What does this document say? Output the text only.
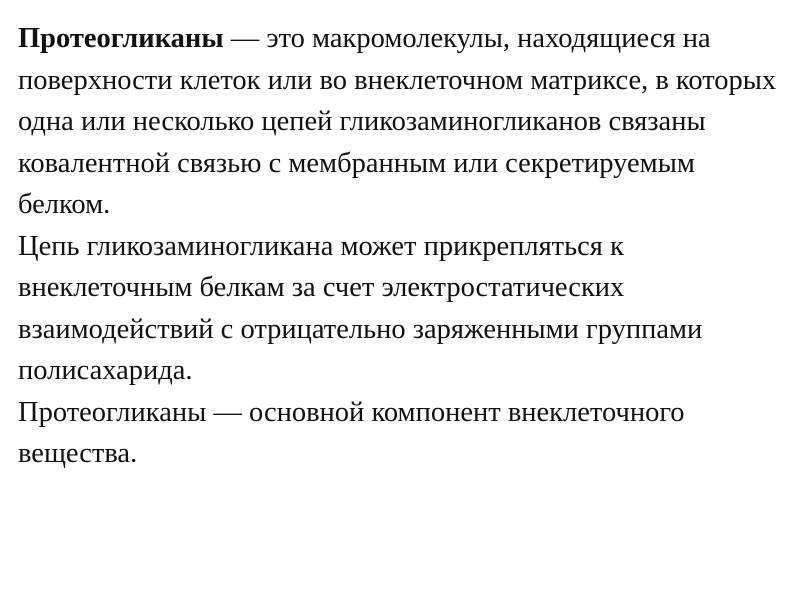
Протеогликаны — это макромолекулы, находящиеся на поверхности клеток или во внеклеточном матриксе, в которых одна или несколько цепей гликозаминогликанов связаны ковалентной связью с мембранным или секретируемым белком.

Цепь гликозаминогликана может прикрепляться к внеклеточным белкам за счет электростатических взаимодействий с отрицательно заряженными группами полисахарида.

Протеогликаны — основной компонент внеклеточного вещества.
